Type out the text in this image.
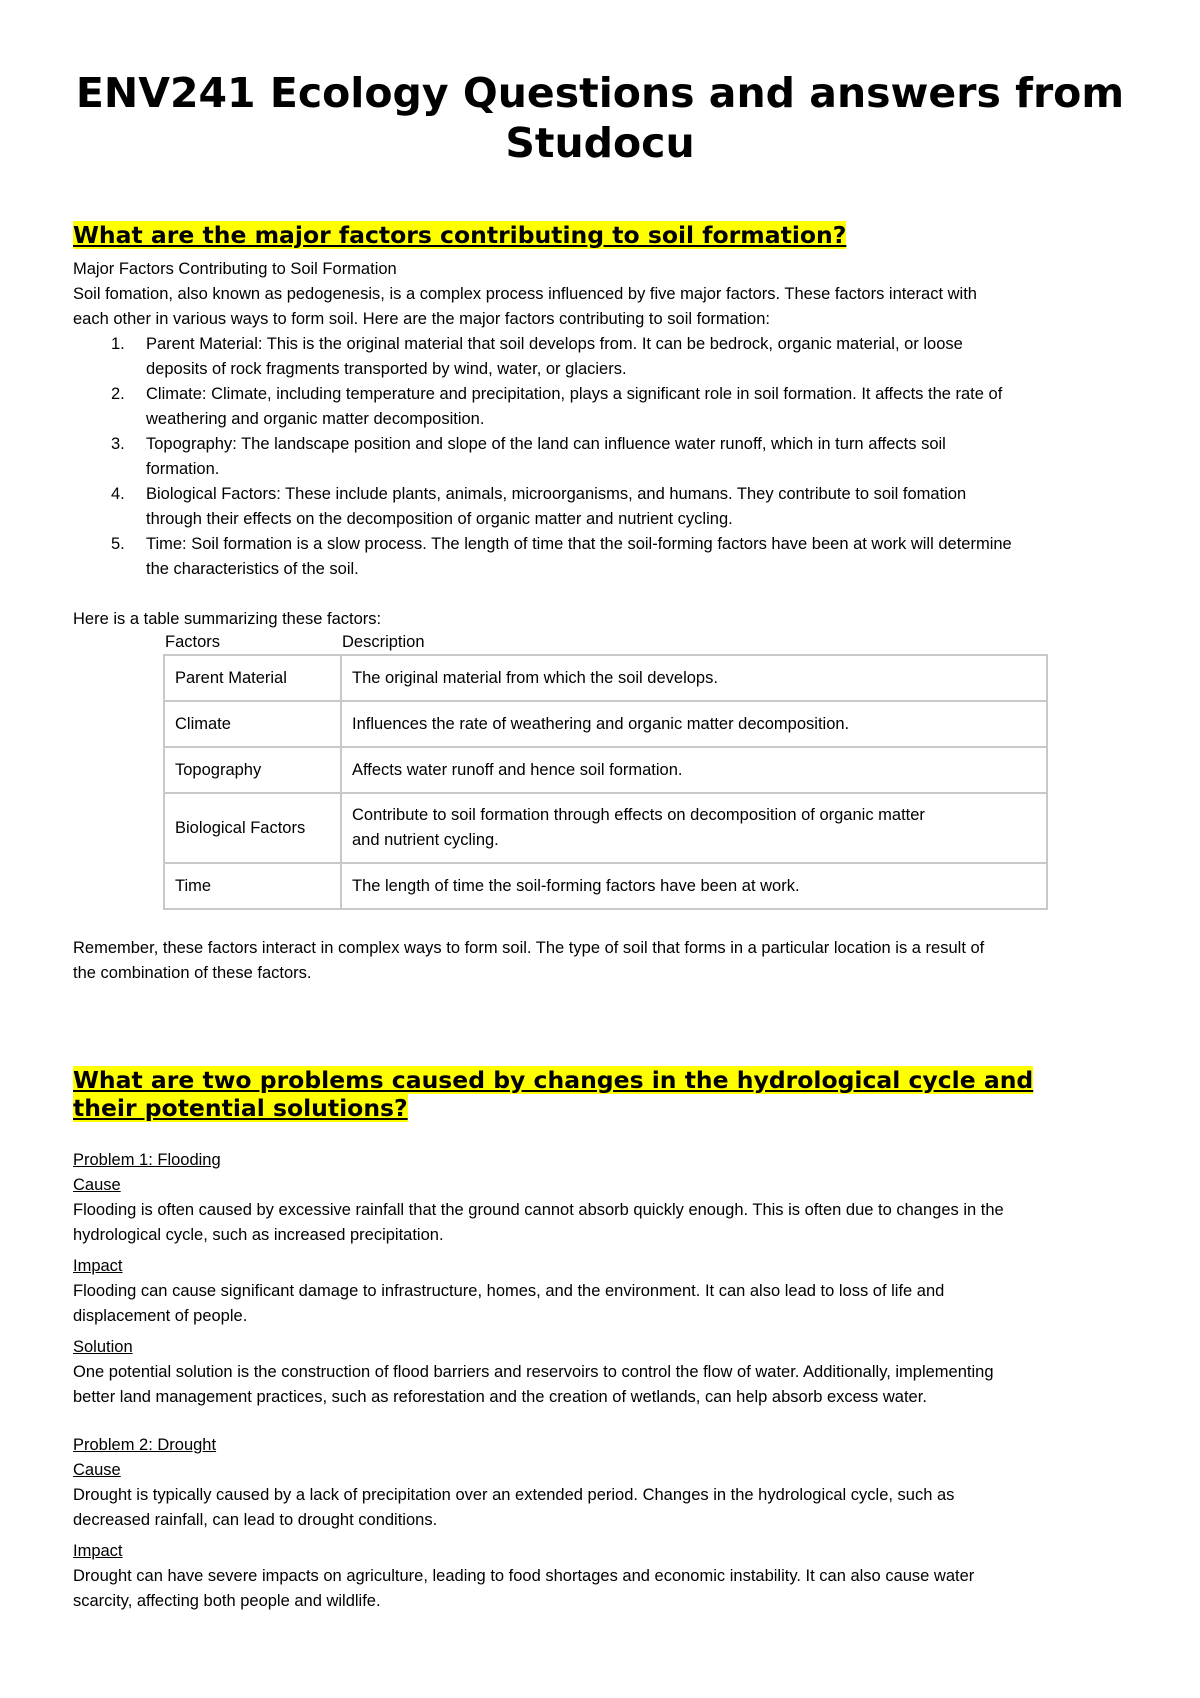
ENV241 Ecology Questions and answers from
Studocu
What are the major factors contributing to soil formation?

Major Factors Contributing to Soil Formation

Soil fomation, also known as pedogenesis, is a complex process influenced by five major factors. These factors interact with

each other in various ways to form soil. Here are the major factors contributing to soil formation:

1. Parent Material: This is the original material that soil develops from. It can be bedrock, organic material, or loose
deposits of rock fragments transported by wind, water, or glaciers.
2. Climate: Climate, including temperature and precipitation, plays a significant role in soil formation. It affects the rate of
weathering and organic matter decomposition.
3. Topography: The landscape position and slope of the land can influence water runoff, which in turn affects soil
formation.
4. Biological Factors: These include plants, animals, microorganisms, and humans. They contribute to soil fomation
through their effects on the decomposition of organic matter and nutrient cycling.
5. Time: Soil formation is a slow process. The length of time that the soil-forming factors have been at work will determine
the characteristics of the soil.

Here is a table summarizing these factors:

Factors	Description
Parent Material	The original material from which the soil develops.

Climate	Influences the rate of weathering and organic matter decomposition.

Topography	Affects water runoff and hence soil formation.

Biological Factors	Contribute to soil formation through effects on decomposition of organic matter
and nutrient cycling.

Time	The length of time the soil-forming factors have been at work.

Remember, these factors interact in complex ways to form soil. The type of soil that forms in a particular location is a result of

the combination of these factors.

What are two problems caused by changes in the hydrological cycle and
their potential solutions?

Problem 1: Flooding

Cause

Flooding is often caused by excessive rainfall that the ground cannot absorb quickly enough. This is often due to changes in the

hydrological cycle, such as increased precipitation.

Impact

Flooding can cause significant damage to infrastructure, homes, and the environment. It can also lead to loss of life and

displacement of people.

Solution

One potential solution is the construction of flood barriers and reservoirs to control the flow of water. Additionally, implementing

better land management practices, such as reforestation and the creation of wetlands, can help absorb excess water.

Problem 2: Drought

Cause

Drought is typically caused by a lack of precipitation over an extended period. Changes in the hydrological cycle, such as

decreased rainfall, can lead to drought conditions.

Impact

Drought can have severe impacts on agriculture, leading to food shortages and economic instability. It can also cause water

scarcity, affecting both people and wildlife.
